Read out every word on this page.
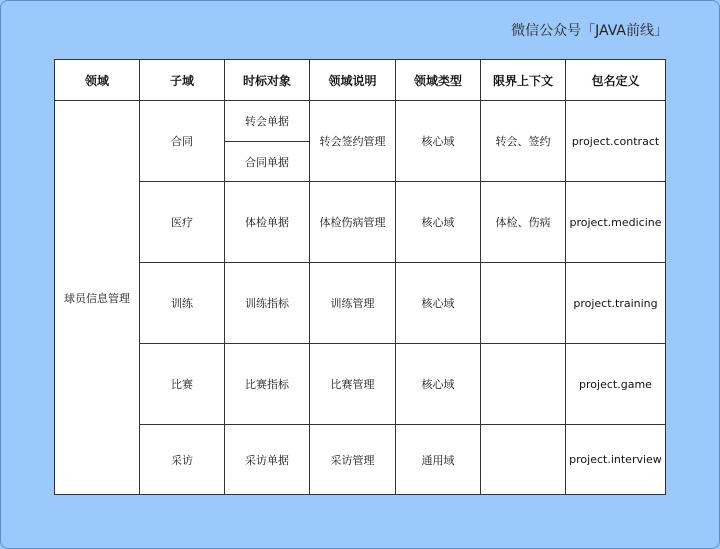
微信公众号「JAVA前线」
领域	子域	时标对象	领域说明	领域类型	限界上下文	包名定义
球员信息管理	合同	转会单据	转会签约管理	核心域	转会、签约	project.contract
		合同单据				
	医疗	体检单据	体检伤病管理	核心域	体检、伤病	project.medicine
	训练	训练指标	训练管理	核心域		project.training
	比赛	比赛指标	比赛管理	核心域		project.game
	采访	采访单据	采访管理	通用域		project.interview
